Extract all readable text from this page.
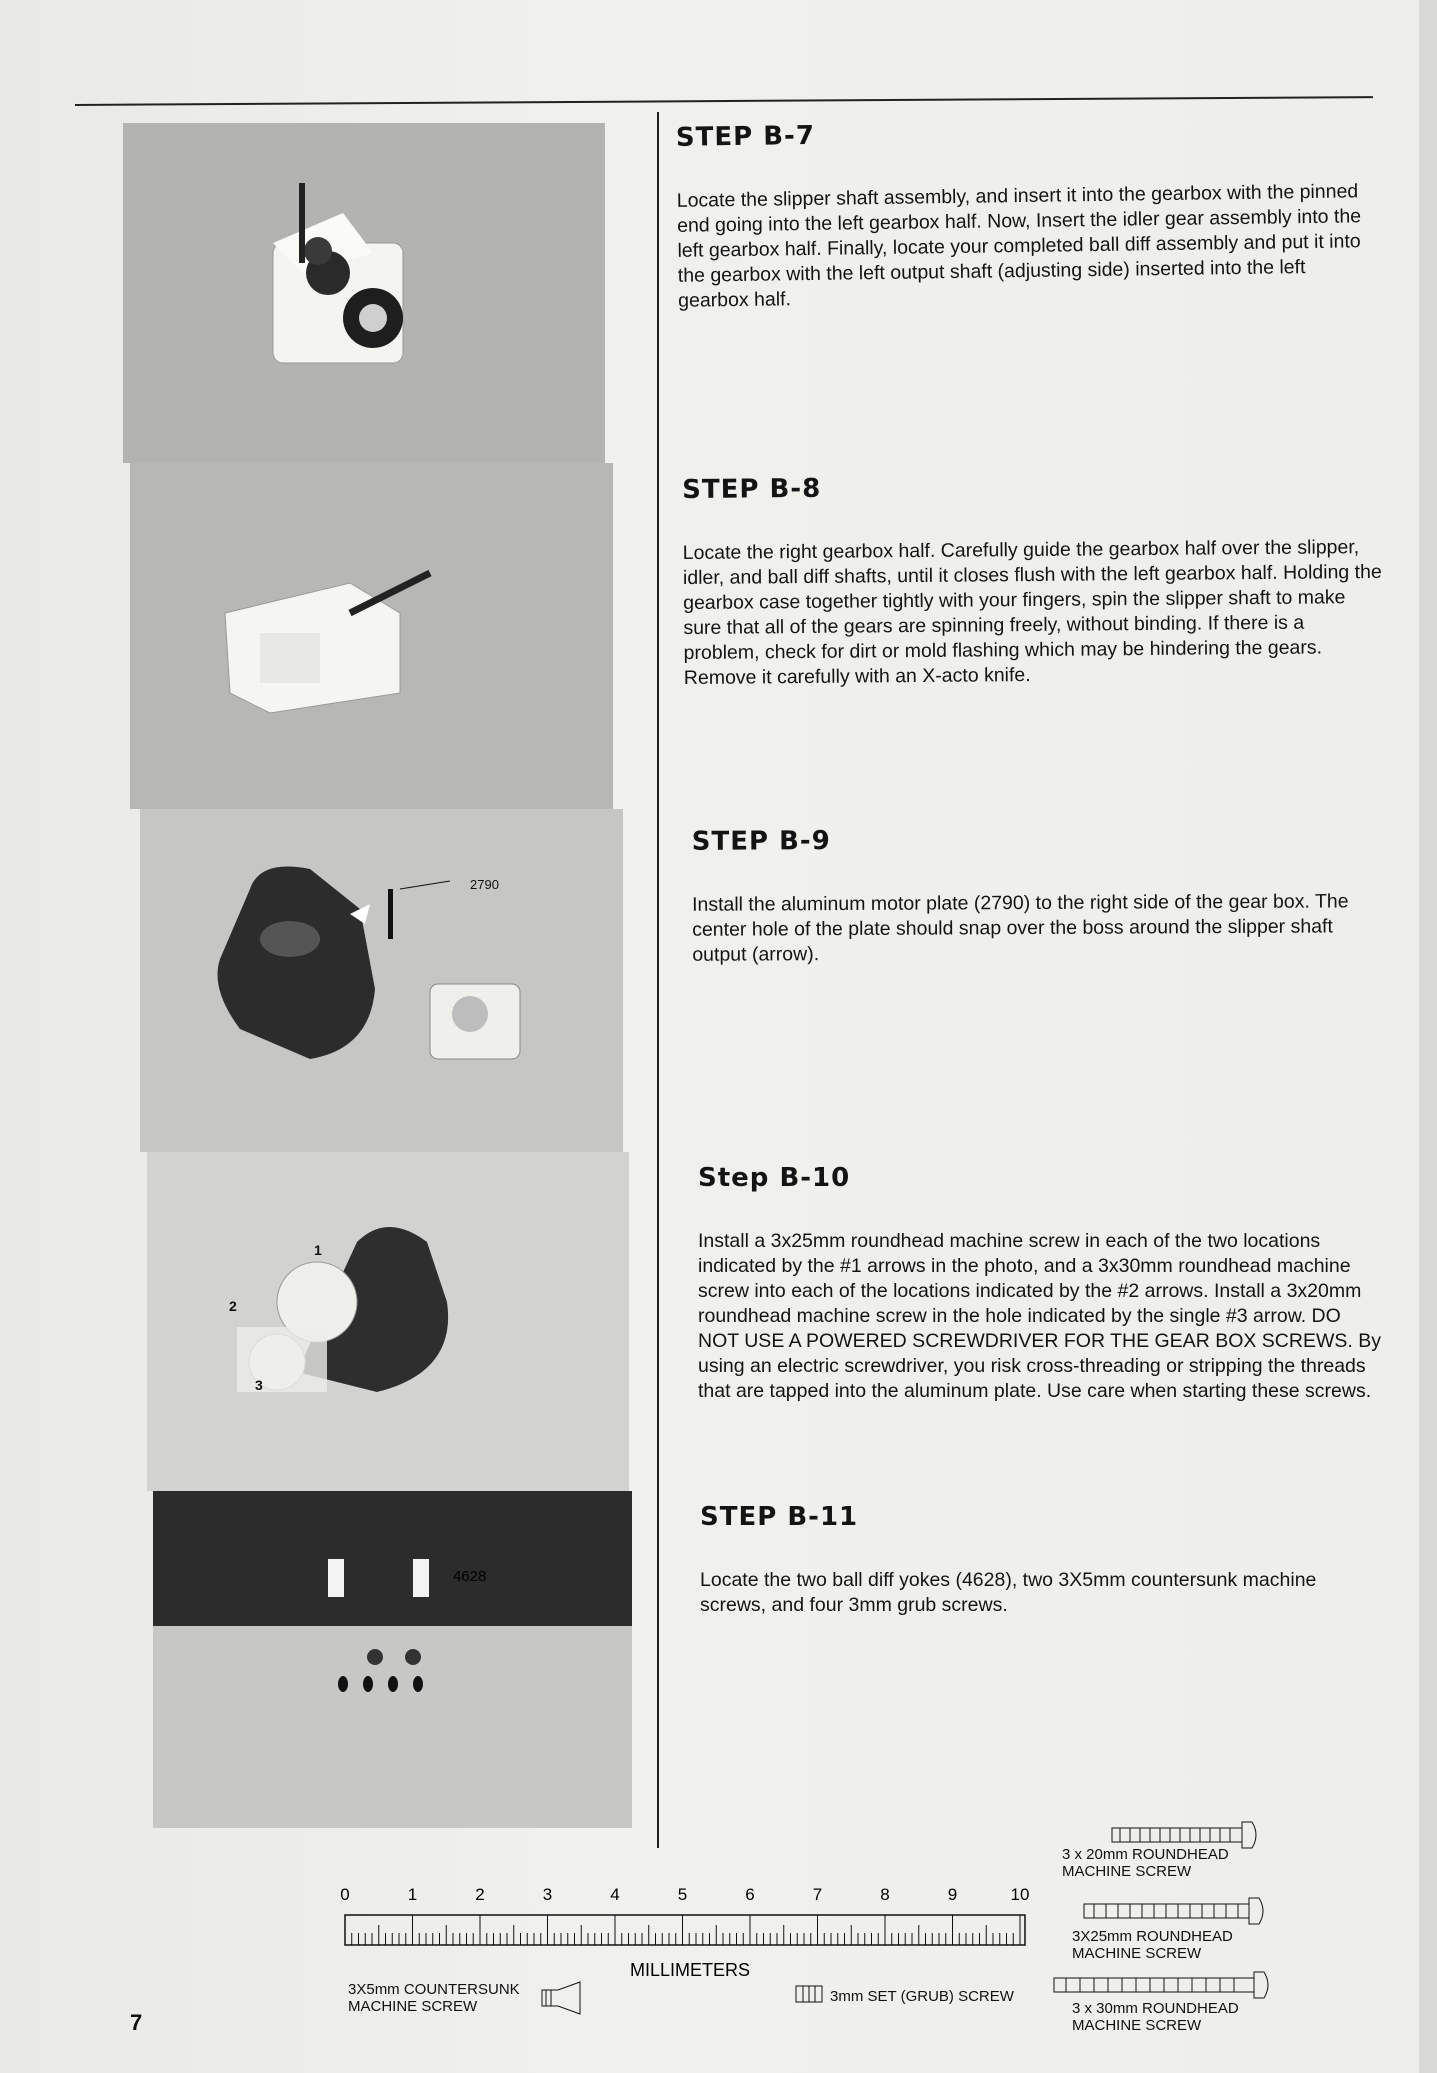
2790
1
2
3
4628
STEP B-7

Locate the slipper shaft assembly, and insert it into the gearbox with the pinned end going into the left gearbox half. Now, Insert the idler gear assembly into the left gearbox half. Finally, locate your completed ball diff assembly and put it into the gearbox with the left output shaft (adjusting side) inserted into the left gearbox half.

STEP B-8

Locate the right gearbox half. Carefully guide the gearbox half over the slipper, idler, and ball diff shafts, until it closes flush with the left gearbox half. Holding the gearbox case together tightly with your fingers, spin the slipper shaft to make sure that all of the gears are spinning freely, without binding. If there is a problem, check for dirt or mold flashing which may be hindering the gears. Remove it carefully with an X-acto knife.

STEP B-9

Install the aluminum motor plate (2790) to the right side of the gear box. The center hole of the plate should snap over the boss around the slipper shaft output (arrow).

Step B-10

Install a 3x25mm roundhead machine screw in each of the two locations indicated by the #1 arrows in the photo, and a 3x30mm roundhead machine screw into each of the locations indicated by the #2 arrows. Install a 3x20mm roundhead machine screw in the hole indicated by the single #3 arrow. DO NOT USE A POWERED SCREWDRIVER FOR THE GEAR BOX SCREWS. By using an electric screwdriver, you risk cross-threading or stripping the threads that are tapped into the aluminum plate. Use care when starting these screws.

STEP B-11

Locate the two ball diff yokes (4628), two 3X5mm countersunk machine screws, and four 3mm grub screws.

0	1	2	3	4	5	6	7	8	9	10
MILLIMETERS
3X5mm COUNTERSUNK
MACHINE SCREW
3mm SET (GRUB) SCREW
3 x 20mm ROUNDHEAD
MACHINE SCREW
3X25mm ROUNDHEAD
MACHINE SCREW
3 x 30mm ROUNDHEAD
MACHINE SCREW
7
